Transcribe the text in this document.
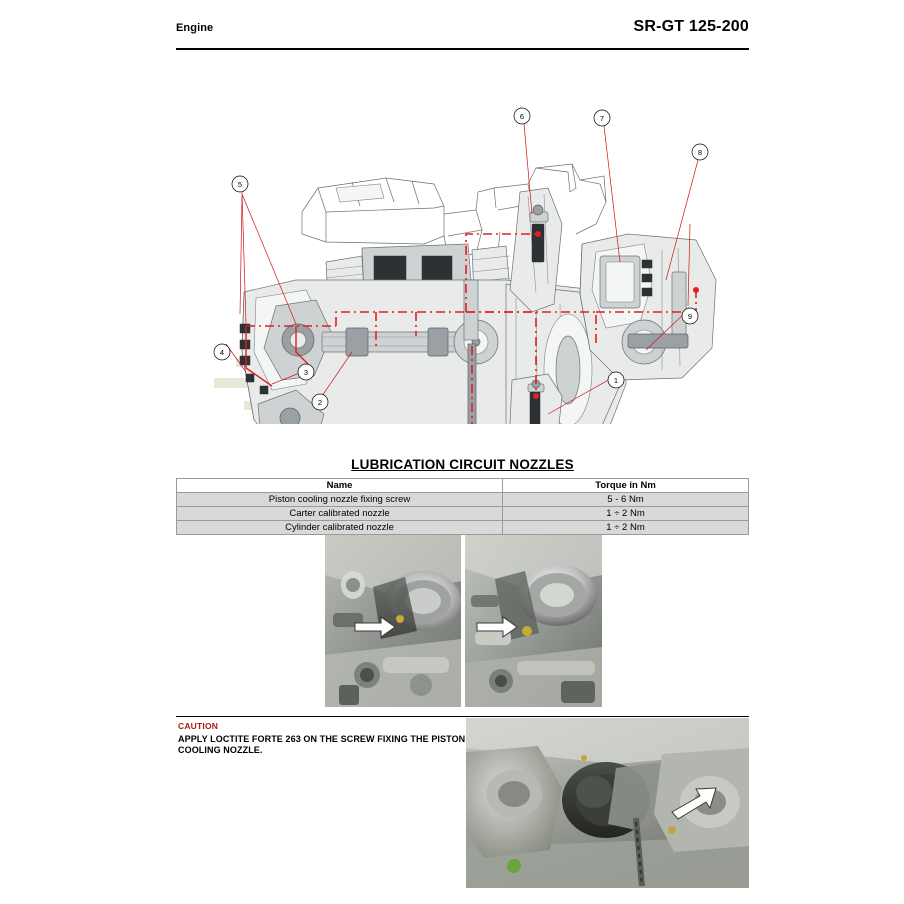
Engine	SR-GT 125-200
6	7
8
9
5
4
3
2
1
LUBRICATION CIRCUIT NOZZLES
Name	Torque in Nm
Piston cooling nozzle fixing screw	5 - 6 Nm
Carter calibrated nozzle	1 ÷ 2 Nm
Cylinder calibrated nozzle	1 ÷ 2 Nm
CAUTION
APPLY LOCTITE FORTE 263 ON THE SCREW FIXING THE PISTON COOLING NOZZLE.
